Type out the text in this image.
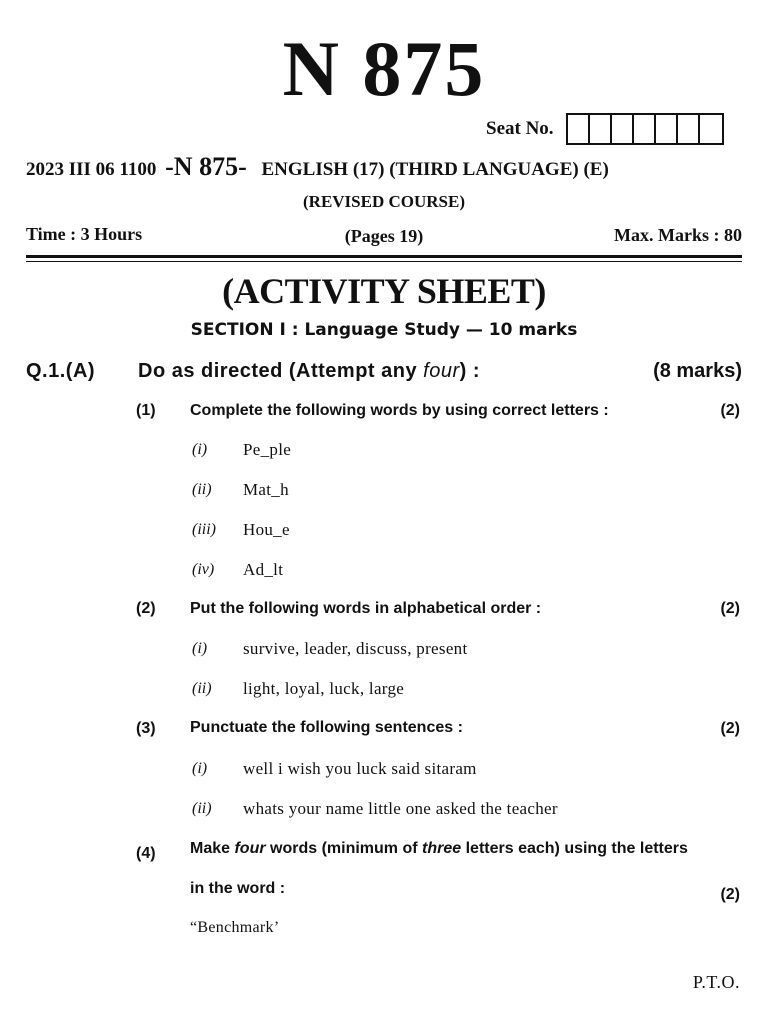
N 875
Seat No.
2023 III 06 1100 -N 875- ENGLISH (17) (THIRD LANGUAGE) (E)
(REVISED COURSE)
Time : 3 Hours	(Pages 19)	Max. Marks : 80
(ACTIVITY SHEET)
SECTION I : Language Study — 10 marks
Q.1.(A) Do as directed (Attempt any four) :	(8 marks)
(1) Complete the following words by using correct letters :	(2)
(i) Pe_ple
(ii) Mat_h
(iii) Hou_e
(iv) Ad_lt
(2) Put the following words in alphabetical order :	(2)
(i) survive, leader, discuss, present
(ii) light, loyal, luck, large
(3) Punctuate the following sentences :	(2)
(i) well i wish you luck said sitaram
(ii) whats your name little one asked the teacher
(4) Make four words (minimum of three letters each) using the letters
in the word :	(2)
“Benchmark’
P.T.O.
